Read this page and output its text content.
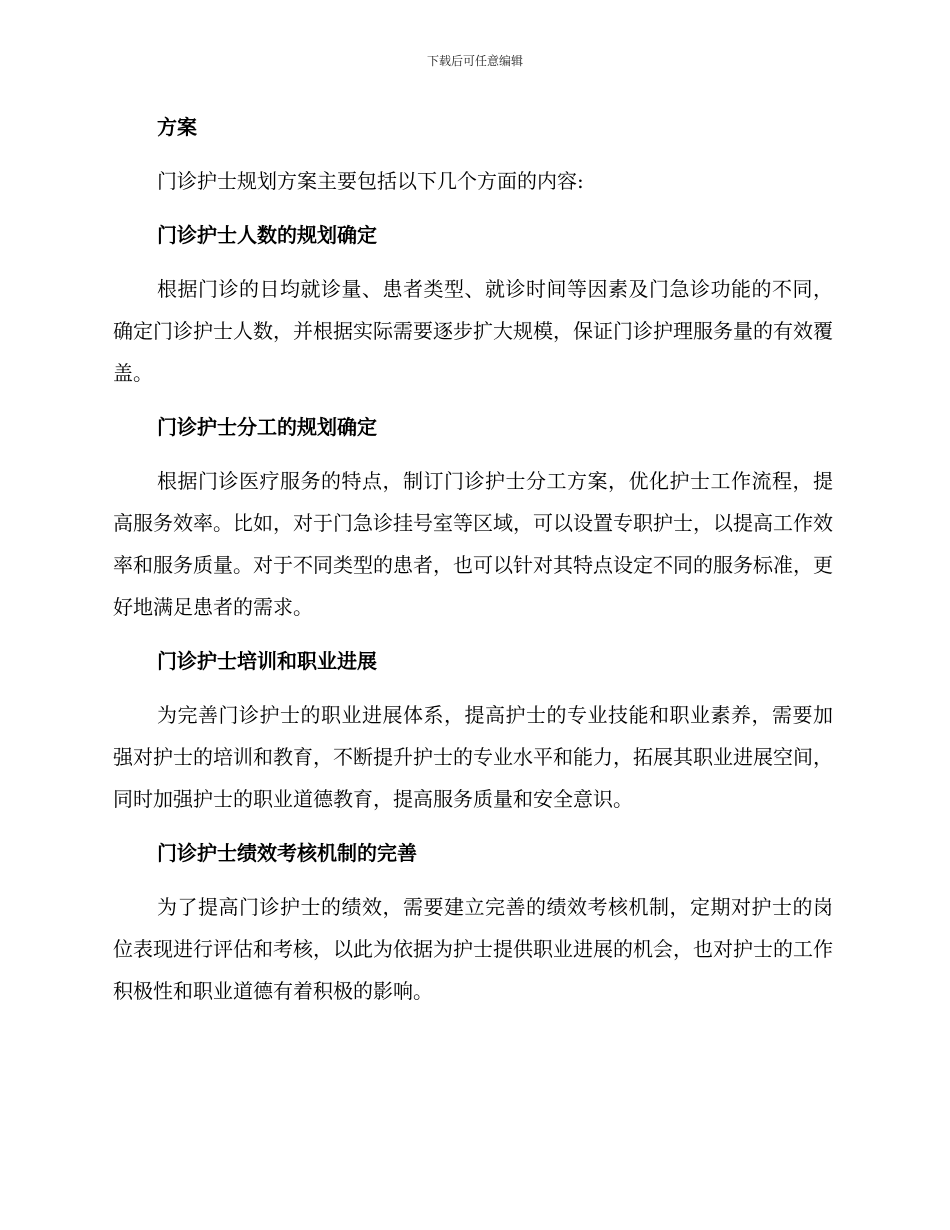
下载后可任意编辑
方案

门诊护士规划方案主要包括以下几个方面的内容:

门诊护士人数的规划确定

根据门诊的日均就诊量、患者类型、就诊时间等因素及门急诊功能的不同，确定门诊护士人数，并根据实际需要逐步扩大规模，保证门诊护理服务量的有效覆盖。

门诊护士分工的规划确定

根据门诊医疗服务的特点，制订门诊护士分工方案，优化护士工作流程，提高服务效率。比如，对于门急诊挂号室等区域，可以设置专职护士，以提高工作效率和服务质量。对于不同类型的患者，也可以针对其特点设定不同的服务标准，更好地满足患者的需求。

门诊护士培训和职业进展

为完善门诊护士的职业进展体系，提高护士的专业技能和职业素养，需要加强对护士的培训和教育，不断提升护士的专业水平和能力，拓展其职业进展空间，同时加强护士的职业道德教育，提高服务质量和安全意识。

门诊护士绩效考核机制的完善

为了提高门诊护士的绩效，需要建立完善的绩效考核机制，定期对护士的岗位表现进行评估和考核，以此为依据为护士提供职业进展的机会，也对护士的工作积极性和职业道德有着积极的影响。
